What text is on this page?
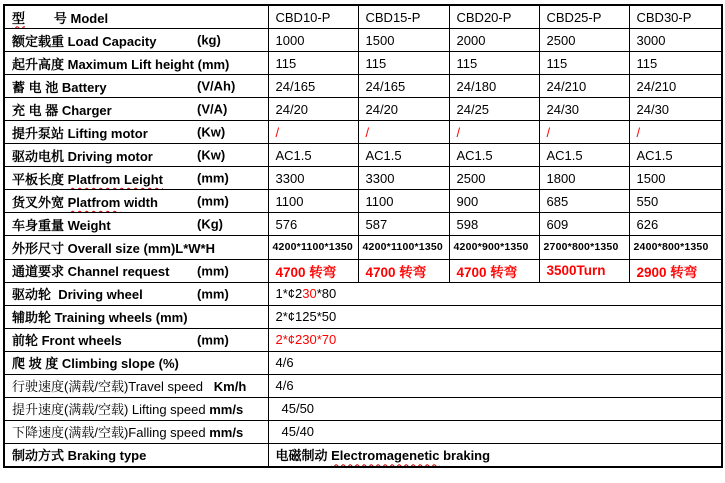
型        号 Model	CBD10-P	CBD15-P	CBD20-P	CBD25-P	CBD30-P
额定载重 Load Capacity (kg)	1000	1500	2000	2500	3000
起升高度 Maximum Lift height (mm)	115	115	115	115	115
蓄 电 池 Battery (V/Ah)	24/165	24/165	24/180	24/210	24/210
充 电 器 Charger (V/A)	24/20	24/20	24/25	24/30	24/30
提升泵站 Lifting motor (Kw)	/	/	/	/	/
驱动电机 Driving motor (Kw)	AC1.5	AC1.5	AC1.5	AC1.5	AC1.5
平板长度 Platfrom Leight (mm)	3300	3300	2500	1800	1500
货叉外宽 Platfrom width (mm)	1100	1100	900	685	550
车身重量 Weight (Kg)	576	587	598	609	626
外形尺寸 Overall size (mm)L*W*H	4200*1100*1350	4200*1100*1350	4200*900*1350	2700*800*1350	2400*800*1350
通道要求 Channel request (mm)	4700 转弯	4700 转弯	4700 转弯	3500Turn	2900 转弯
驱动轮  Driving wheel (mm)	1*¢230*80				
辅助轮 Training wheels (mm)	2*¢125*50				
前轮 Front wheels (mm)	2*¢230*70				
爬 坡 度 Climbing slope (%)	4/6				
行驶速度(满载/空载)Travel speed Km/h	4/6				
提升速度(满载/空载) Lifting speed mm/s	45/50				
下降速度(满载/空载)Falling speed mm/s	45/40				
制动方式 Braking type	电磁制动 Electromagenetic braking				
